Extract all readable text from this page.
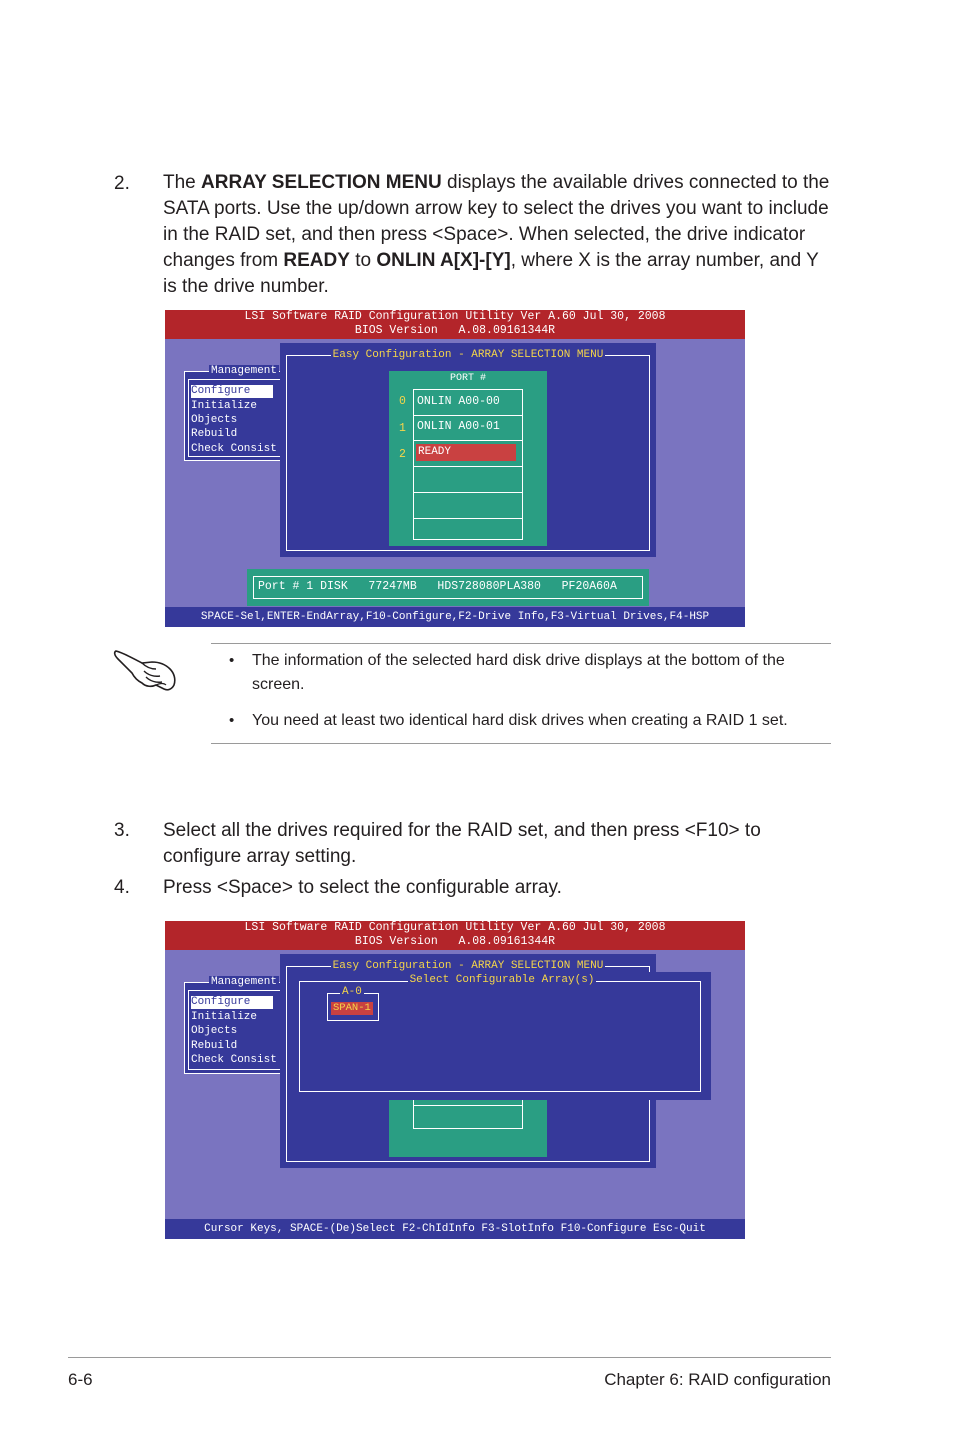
2. The ARRAY SELECTION MENU displays the available drives connected to the SATA ports. Use the up/down arrow key to select the drives you want to include in the RAID set, and then press <Space>. When selected, the drive indicator changes from READY to ONLIN A[X]-[Y], where X is the array number, and Y is the drive number.
LSI Software RAID Configuration Utility Ver A.60 Jul 30, 2008
BIOS Version   A.08.09161344R
Management
Configure
Initialize
Objects
Rebuild
Check Consist
Easy Configuration - ARRAY SELECTION MENU
PORT #
0
1
2
ONLIN A00-00
ONLIN A00-01
READY
Port # 1 DISK   77247MB   HDS728080PLA380   PF20A60A
SPACE-Sel,ENTER-EndArray,F10-Configure,F2-Drive Info,F3-Virtual Drives,F4-HSP
• The information of the selected hard disk drive displays at the bottom of the screen.
• You need at least two identical hard disk drives when creating a RAID 1 set.
3. Select all the drives required for the RAID set, and then press <F10> to configure array setting.
4. Press <Space> to select the configurable array.
LSI Software RAID Configuration Utility Ver A.60 Jul 30, 2008
BIOS Version   A.08.09161344R
Management
Configure
Initialize
Objects
Rebuild
Check Consist
Easy Configuration - ARRAY SELECTION MENU
Select Configurable Array(s)
A-0
SPAN-1
Cursor Keys, SPACE-(De)Select F2-ChIdInfo F3-SlotInfo F10-Configure Esc-Quit
6-6	Chapter 6: RAID configuration
